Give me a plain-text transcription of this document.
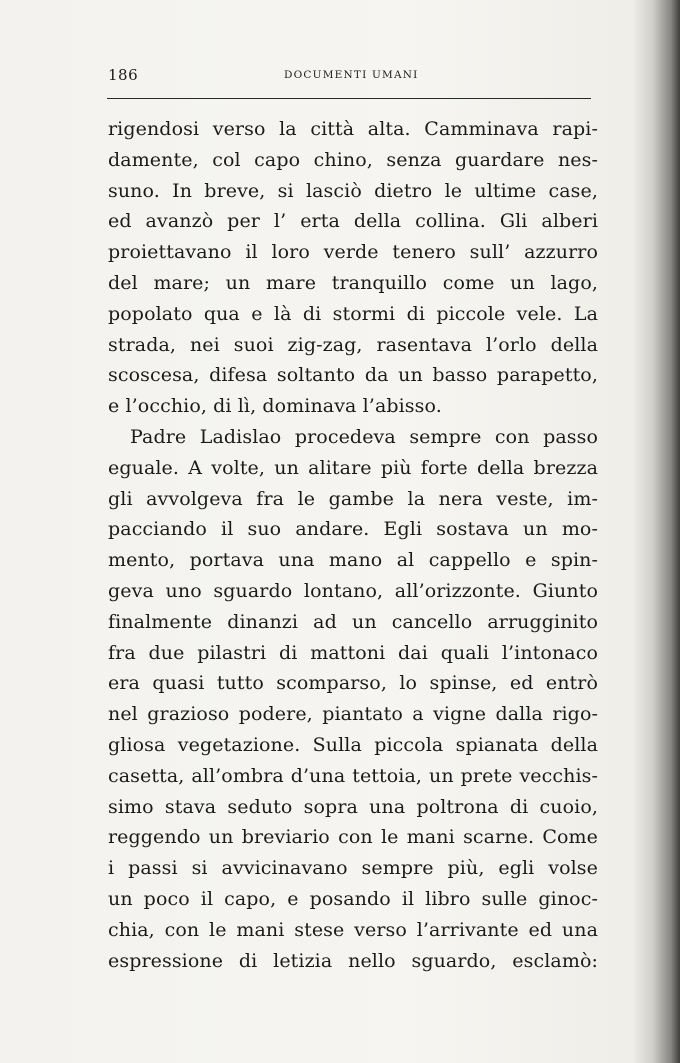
186	DOCUMENTI UMANI
rigendosi verso la città alta. Camminava rapi-
damente, col capo chino, senza guardare nes-
suno. In breve, si lasciò dietro le ultime case,
ed avanzò per l’ erta della collina. Gli alberi
proiettavano il loro verde tenero sull’ azzurro
del mare; un mare tranquillo come un lago,
popolato qua e là di stormi di piccole vele. La
strada, nei suoi zig-zag, rasentava l’orlo della
scoscesa, difesa soltanto da un basso parapetto,
e l’occhio, di lì, dominava l’abisso.
Padre Ladislao procedeva sempre con passo
eguale. A volte, un alitare più forte della brezza
gli avvolgeva fra le gambe la nera veste, im-
pacciando il suo andare. Egli sostava un mo-
mento, portava una mano al cappello e spin-
geva uno sguardo lontano, all’orizzonte. Giunto
finalmente dinanzi ad un cancello arrugginito
fra due pilastri di mattoni dai quali l’intonaco
era quasi tutto scomparso, lo spinse, ed entrò
nel grazioso podere, piantato a vigne dalla rigo-
gliosa vegetazione. Sulla piccola spianata della
casetta, all’ombra d’una tettoia, un prete vecchis-
simo stava seduto sopra una poltrona di cuoio,
reggendo un breviario con le mani scarne. Come
i passi si avvicinavano sempre più, egli volse
un poco il capo, e posando il libro sulle ginoc-
chia, con le mani stese verso l’arrivante ed una
espressione di letizia nello sguardo, esclamò:
